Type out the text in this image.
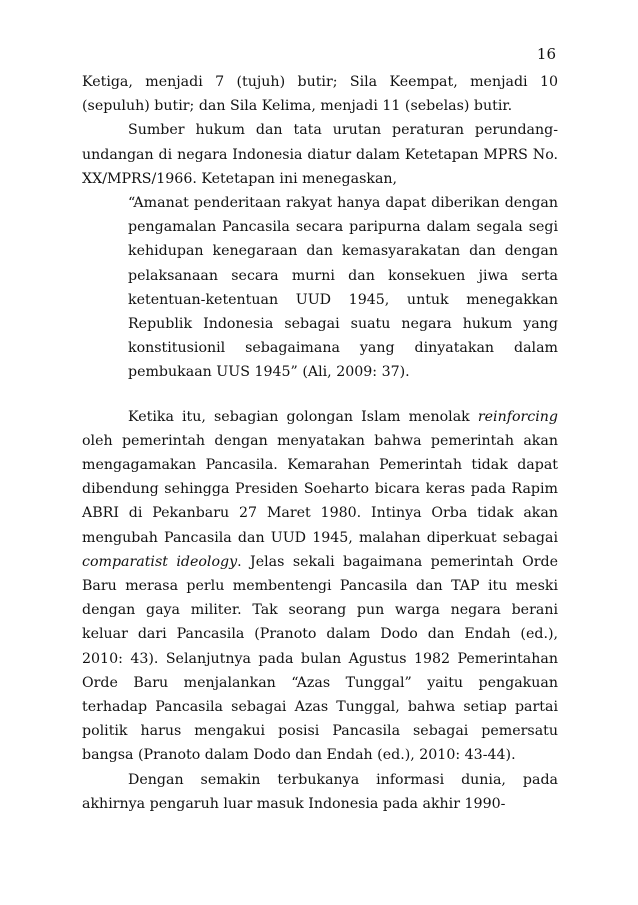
16

Ketiga, menjadi 7 (tujuh) butir; Sila Keempat, menjadi 10 (sepuluh) butir; dan Sila Kelima, menjadi 11 (sebelas) butir.

Sumber hukum dan tata urutan peraturan perundang-undangan di negara Indonesia diatur dalam Ketetapan MPRS No. XX/MPRS/1966. Ketetapan ini menegaskan,

“Amanat penderitaan rakyat hanya dapat diberikan dengan pengamalan Pancasila secara paripurna dalam segala segi kehidupan kenegaraan dan kemasyarakatan dan dengan pelaksanaan secara murni dan konsekuen jiwa serta ketentuan-ketentuan UUD 1945, untuk menegakkan Republik Indonesia sebagai suatu negara hukum yang konstitusionil sebagaimana yang dinyatakan dalam pembukaan UUS 1945” (Ali, 2009: 37).

Ketika itu, sebagian golongan Islam menolak reinforcing oleh pemerintah dengan menyatakan bahwa pemerintah akan mengagamakan Pancasila. Kemarahan Pemerintah tidak dapat dibendung sehingga Presiden Soeharto bicara keras pada Rapim ABRI di Pekanbaru 27 Maret 1980. Intinya Orba tidak akan mengubah Pancasila dan UUD 1945, malahan diperkuat sebagai comparatist ideology. Jelas sekali bagaimana pemerintah Orde Baru merasa perlu membentengi Pancasila dan TAP itu meski dengan gaya militer. Tak seorang pun warga negara berani keluar dari Pancasila (Pranoto dalam Dodo dan Endah (ed.), 2010: 43). Selanjutnya pada bulan Agustus 1982 Pemerintahan Orde Baru menjalankan “Azas Tunggal” yaitu pengakuan terhadap Pancasila sebagai Azas Tunggal, bahwa setiap partai politik harus mengakui posisi Pancasila sebagai pemersatu bangsa (Pranoto dalam Dodo dan Endah (ed.), 2010: 43-44).

Dengan semakin terbukanya informasi dunia, pada akhirnya pengaruh luar masuk Indonesia pada akhir 1990-
